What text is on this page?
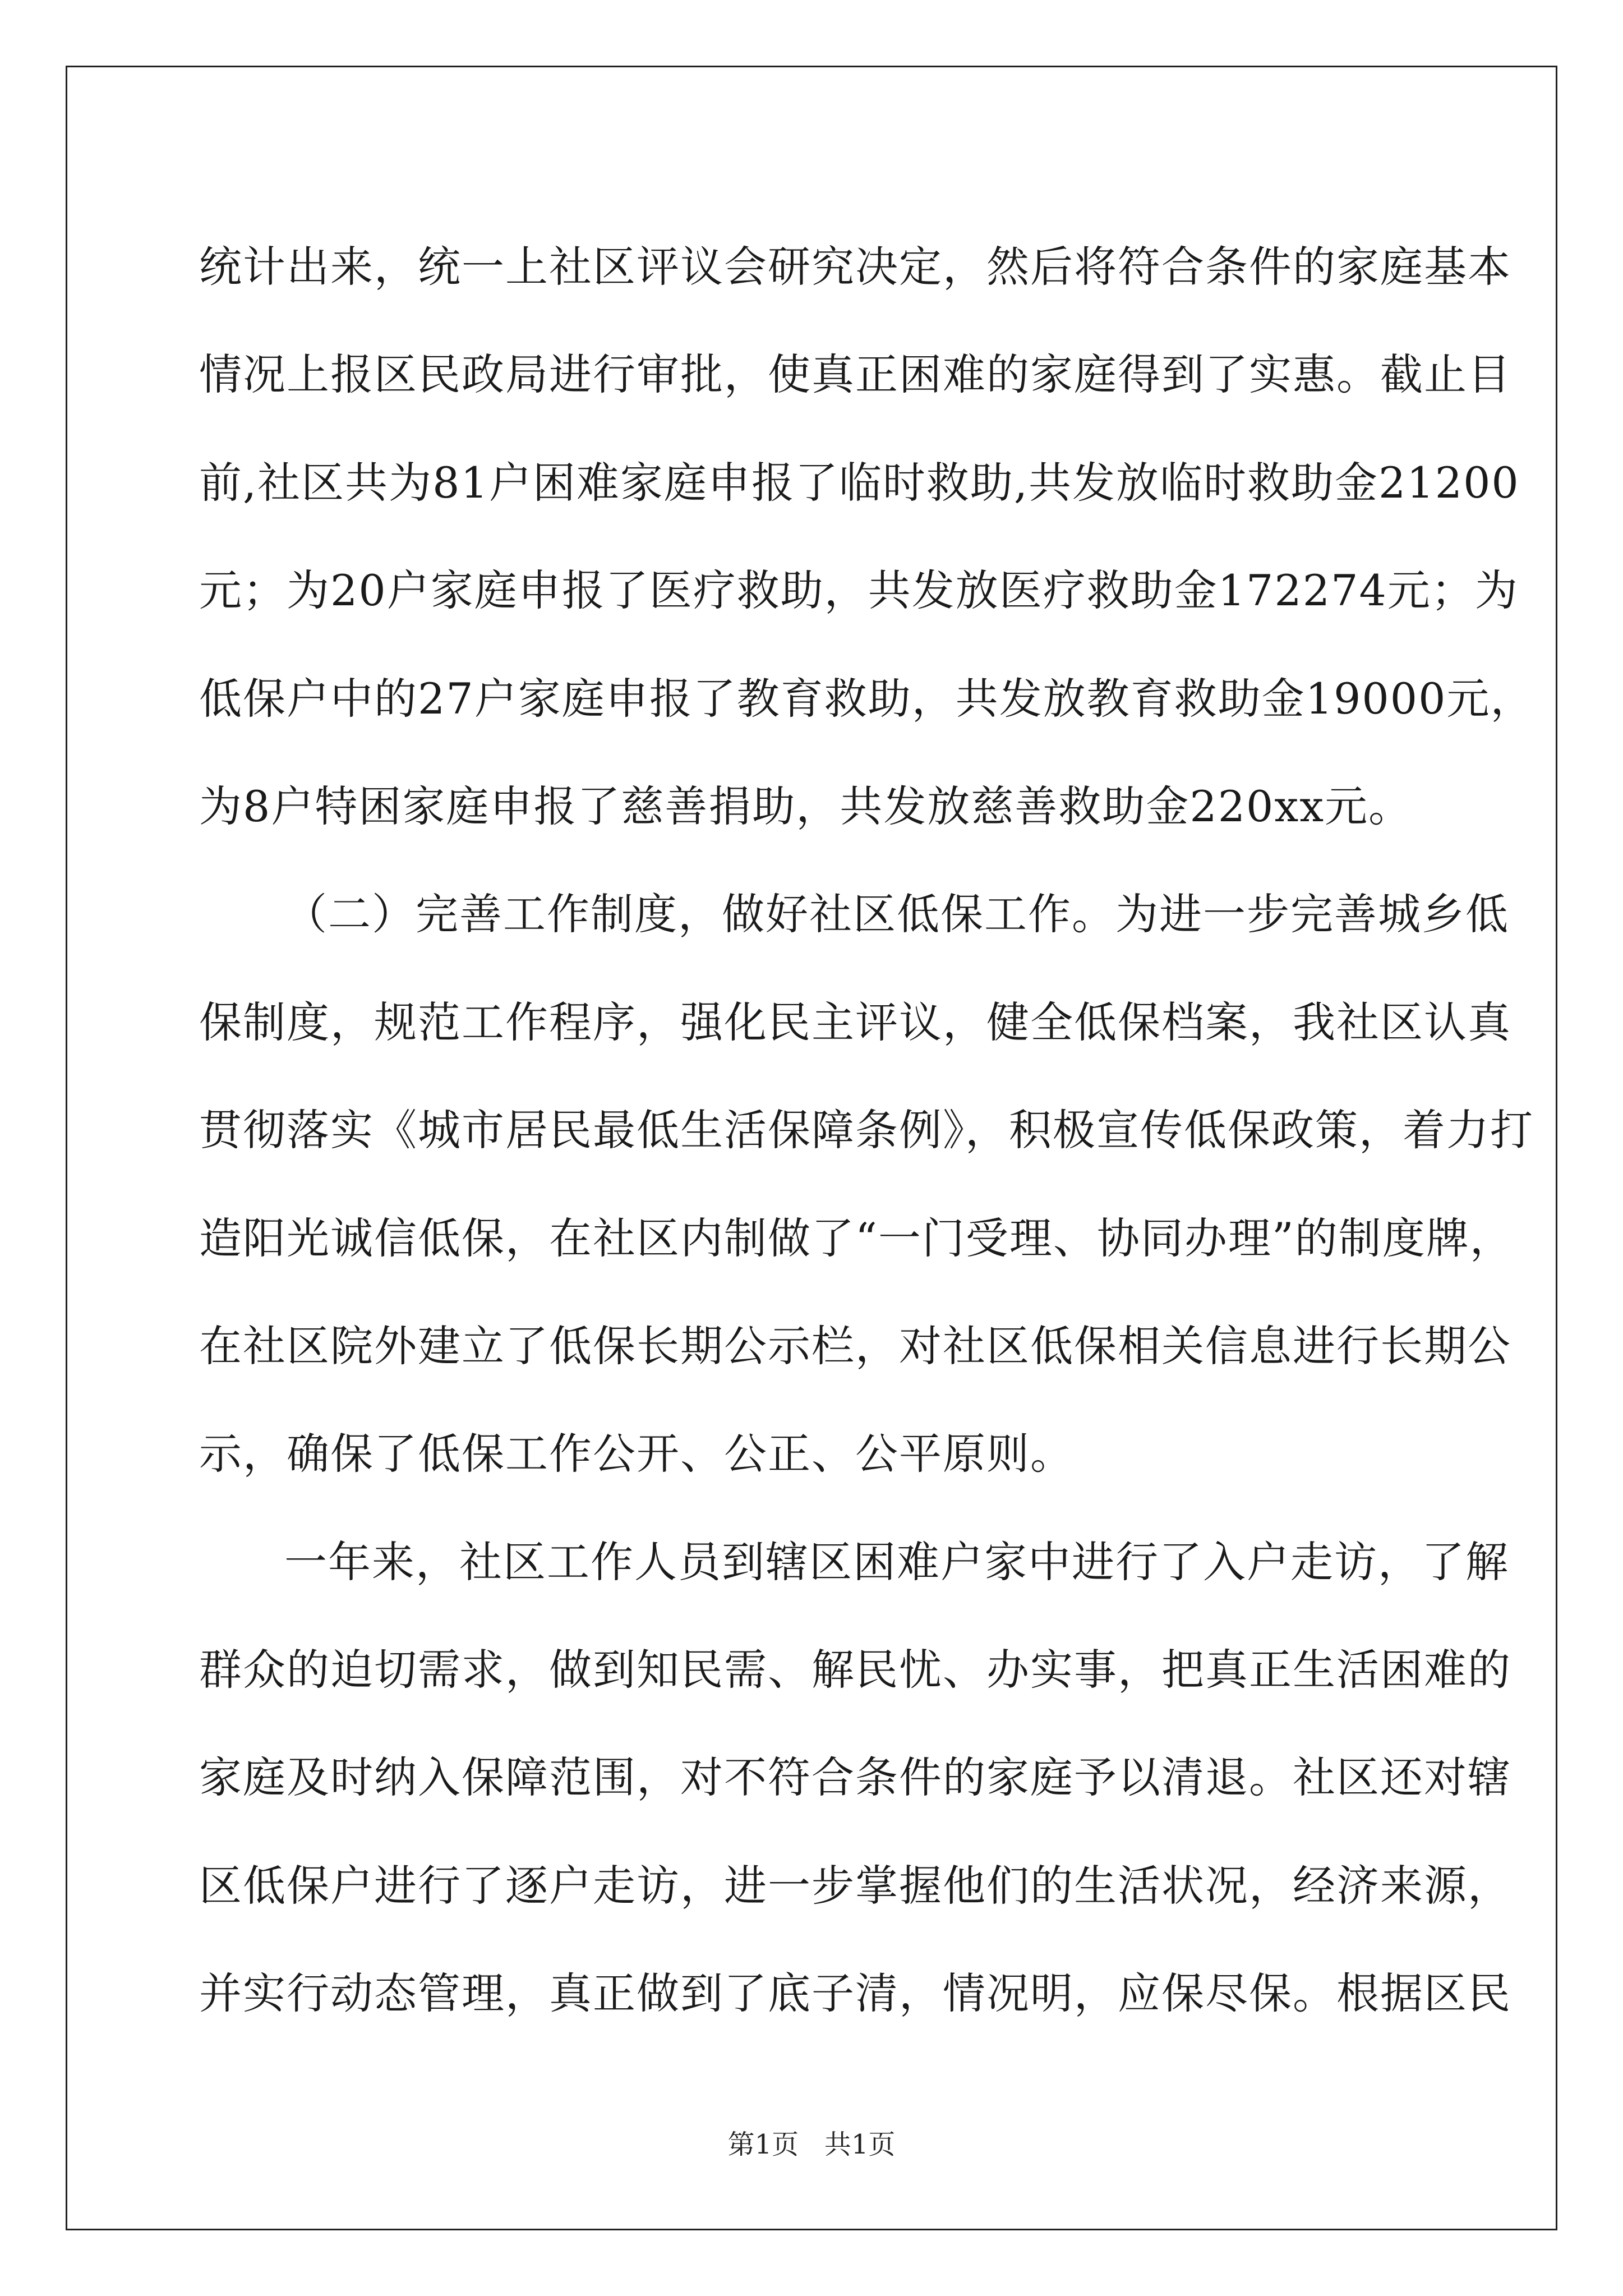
统计出来，统一上社区评议会研究决定，然后将符合条件的家庭基本
情况上报区民政局进行审批，使真正困难的家庭得到了实惠。截止目
前,社区共为81户困难家庭申报了临时救助,共发放临时救助金21200
元；为20户家庭申报了医疗救助，共发放医疗救助金172274元；为
低保户中的27户家庭申报了教育救助，共发放教育救助金19000元，
为8户特困家庭申报了慈善捐助，共发放慈善救助金220xx元。
（二）完善工作制度，做好社区低保工作。为进一步完善城乡低
保制度，规范工作程序，强化民主评议，健全低保档案，我社区认真
贯彻落实《城市居民最低生活保障条例》，积极宣传低保政策，着力打
造阳光诚信低保，在社区内制做了“一门受理、协同办理”的制度牌，
在社区院外建立了低保长期公示栏，对社区低保相关信息进行长期公
示，确保了低保工作公开、公正、公平原则。
一年来，社区工作人员到辖区困难户家中进行了入户走访，了解
群众的迫切需求，做到知民需、解民忧、办实事，把真正生活困难的
家庭及时纳入保障范围，对不符合条件的家庭予以清退。社区还对辖
区低保户进行了逐户走访，进一步掌握他们的生活状况，经济来源，
并实行动态管理，真正做到了底子清，情况明，应保尽保。根据区民
第1页   共1页
